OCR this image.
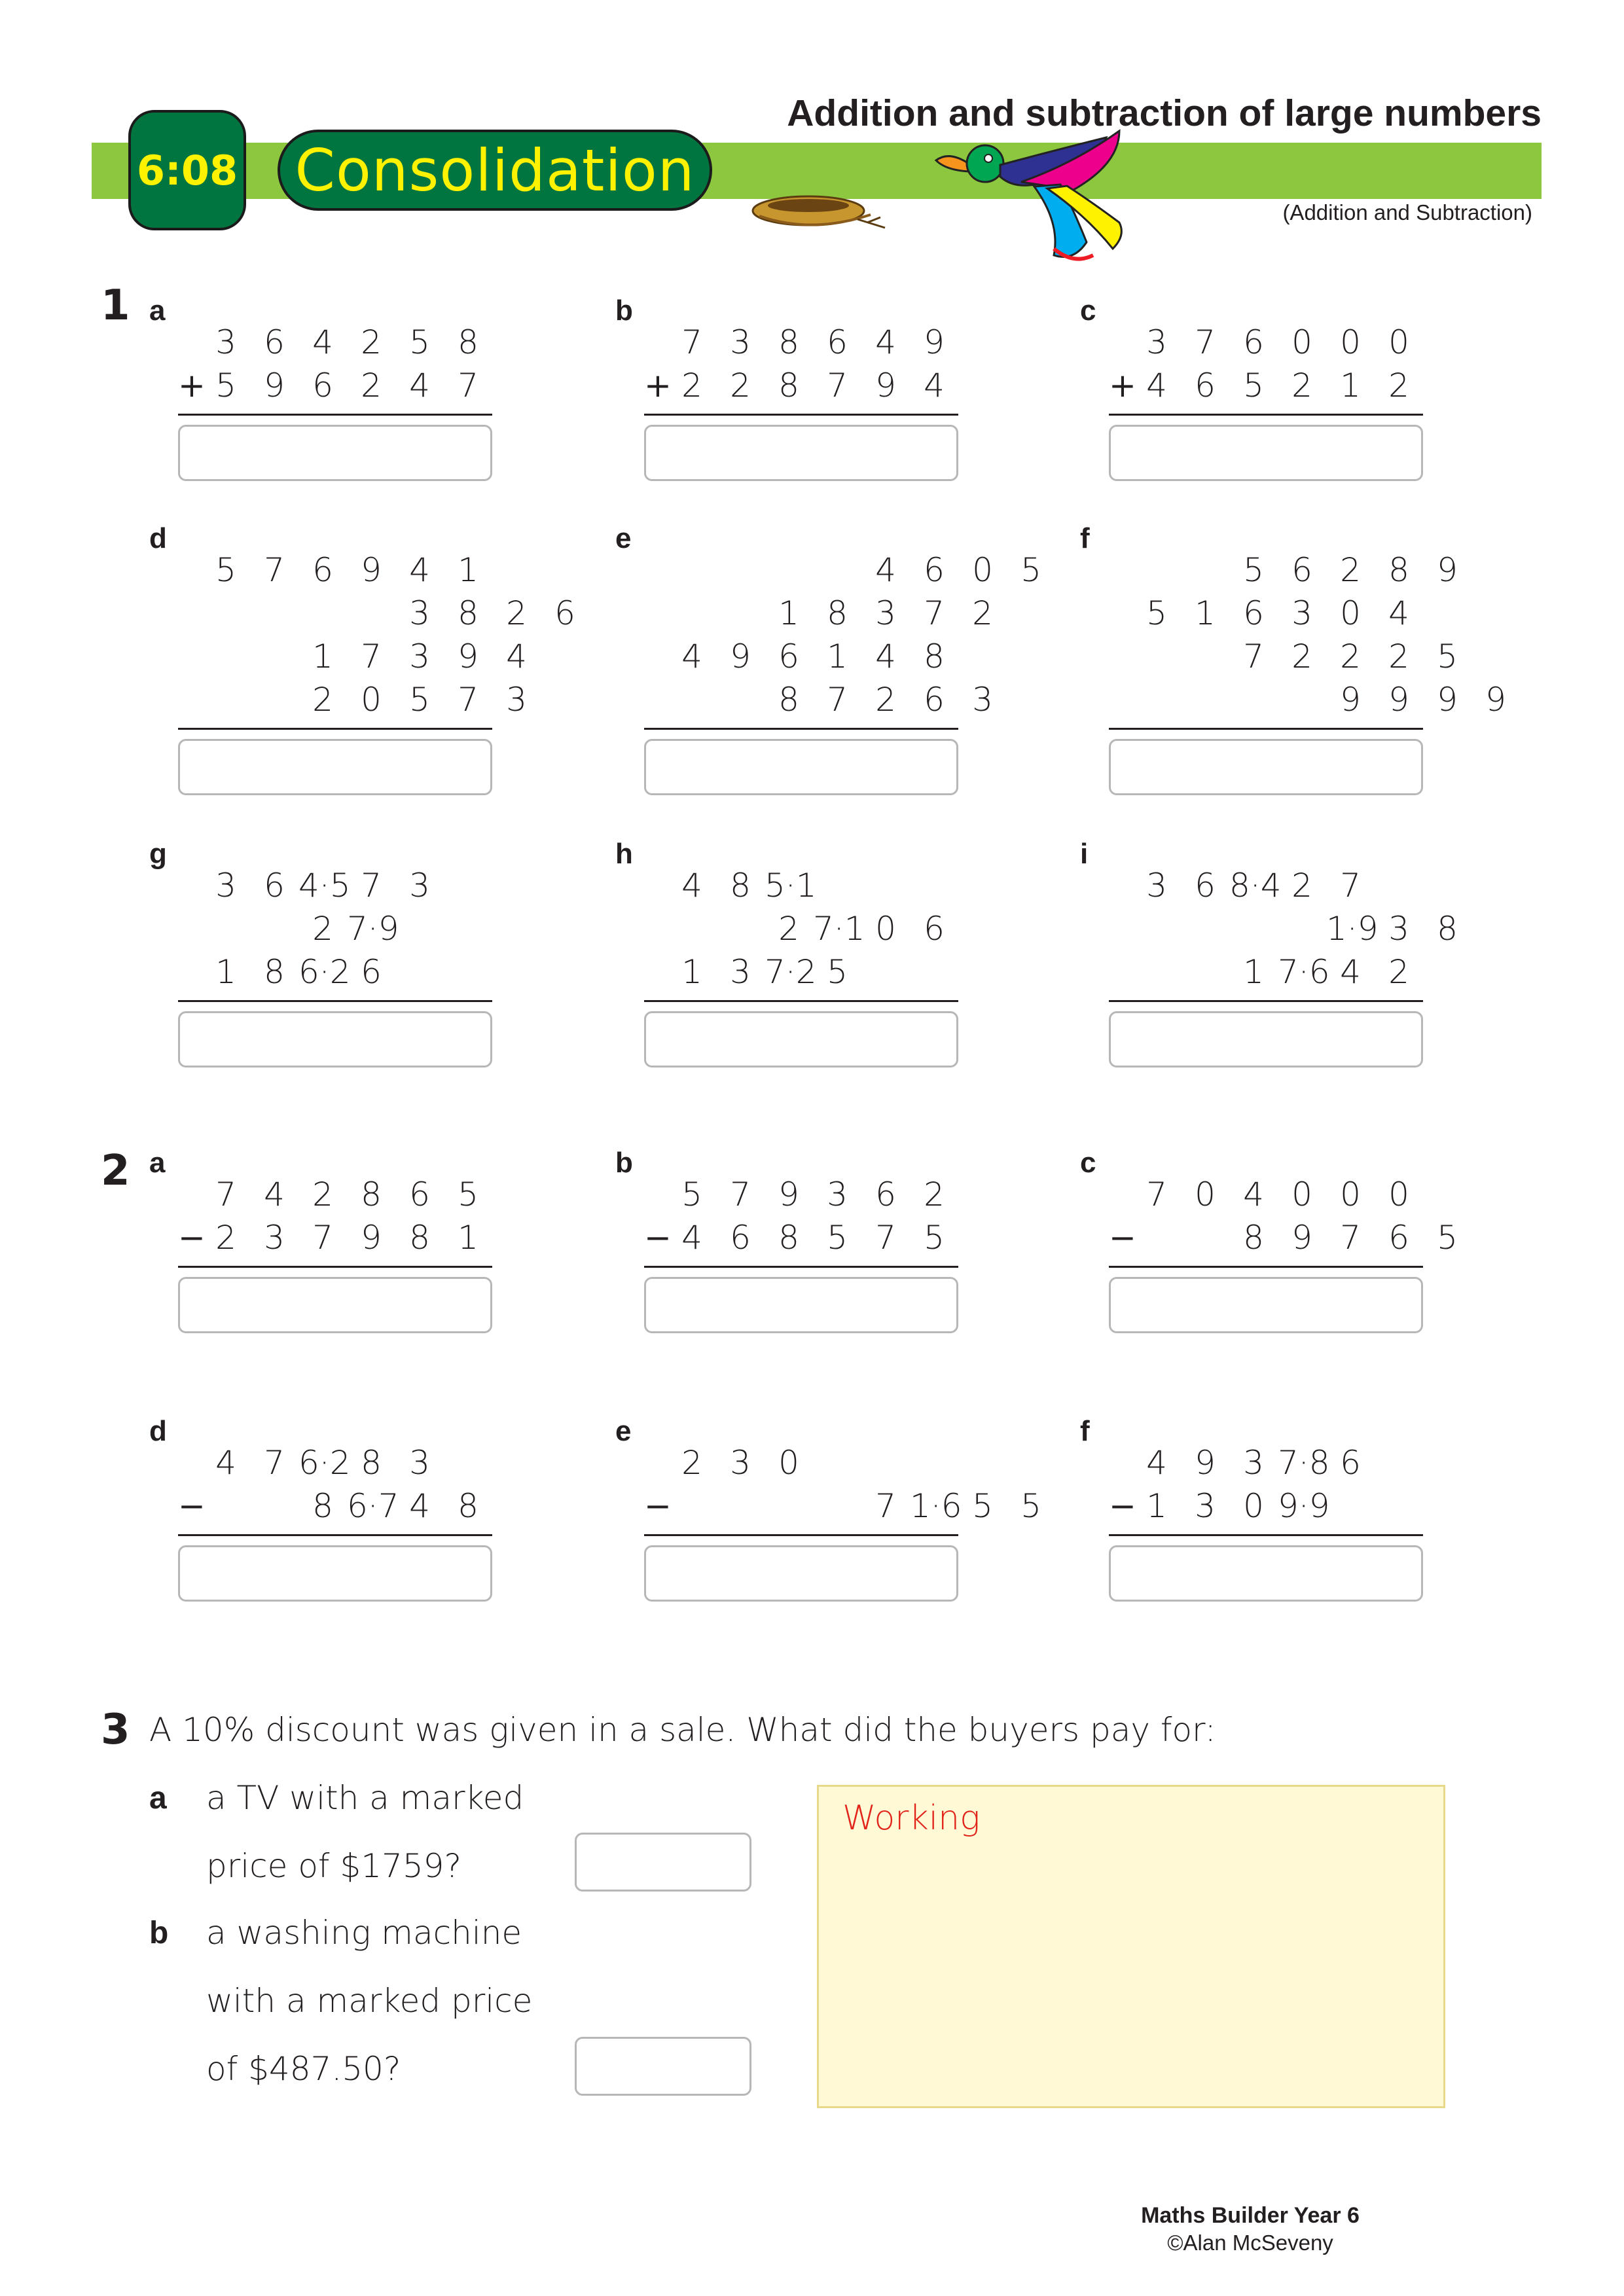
6:08 Consolidation
Addition and subtraction of large numbers
(Addition and Subtraction)
1 a
3 6 4 2 5 8
5 9 6 2 4 7
+
b
7 3 8 6 4 9
2 2 8 7 9 4
+
c
3 7 6 0 0 0
4 6 5 2 1 2
+
d
5 7 6 9 4 1
3 8 2 6
1 7 3 9 4
2 0 5 7 3
e
4 6 0 5
1 8 3 7 2
4 9 6 1 4 8
8 7 2 6 3
f
5 6 2 8 9
5 1 6 3 0 4
7 2 2 2 5
9 9 9 9
g
3 6 4·5 7 3
2 7·9
1 8 6·2 6
h
4 8 5·1
2 7·1 0 6
1 3 7·2 5
i
3 6 8·4 2 7
1·9 3 8
1 7·6 4 2
2 a
7 4 2 8 6 5
2 3 7 9 8 1
−
b
5 7 9 3 6 2
4 6 8 5 7 5
−
c
7 0 4 0 0 0
8 9 7 6 5
−
d
4 7 6·2 8 3
8 6·7 4 8
−
e
2 3 0
7 1·6 5 5
−
f
4 9 3 7·8 6
1 3 0 9·9
−
3 A 10% discount was given in a sale. What did the buyers pay for:
a a TV with a marked
price of $1759?
b a washing machine
with a marked price
of $487.50?
Working
Maths Builder Year 6
©Alan McSeveny
